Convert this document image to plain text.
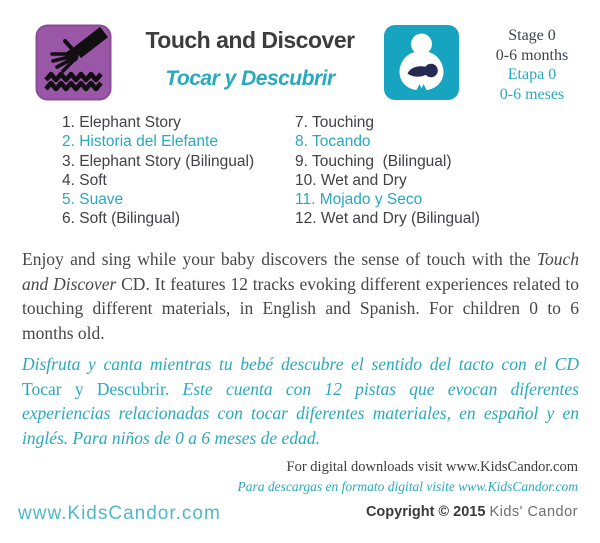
Touch and Discover
Tocar y Descubrir
Stage 0
0-6 months
Etapa 0
0-6 meses
1. Elephant Story
2. Historia del Elefante
3. Elephant Story (Bilingual)
4. Soft
5. Suave
6. Soft (Bilingual)
7. Touching
8. Tocando
9. Touching  (Bilingual)
10. Wet and Dry
11. Mojado y Seco
12. Wet and Dry (Bilingual)

Enjoy and sing while your baby discovers the sense of touch with the Touch and Discover CD. It features 12 tracks evoking different experiences related to touching different materials, in English and Spanish. For children 0 to 6 months old.

Disfruta y canta mientras tu bebé descubre el sentido del tacto con el CD Tocar y Descubrir. Este cuenta con 12 pistas que evocan diferentes experiencias relacionadas con tocar diferentes materiales, en español y en inglés. Para niños de 0 a 6 meses de edad.

For digital downloads visit www.KidsCandor.com
Para descargas en formato digital visite www.KidsCandor.com
www.KidsCandor.com	Copyright © 2015 Kids' Candor
